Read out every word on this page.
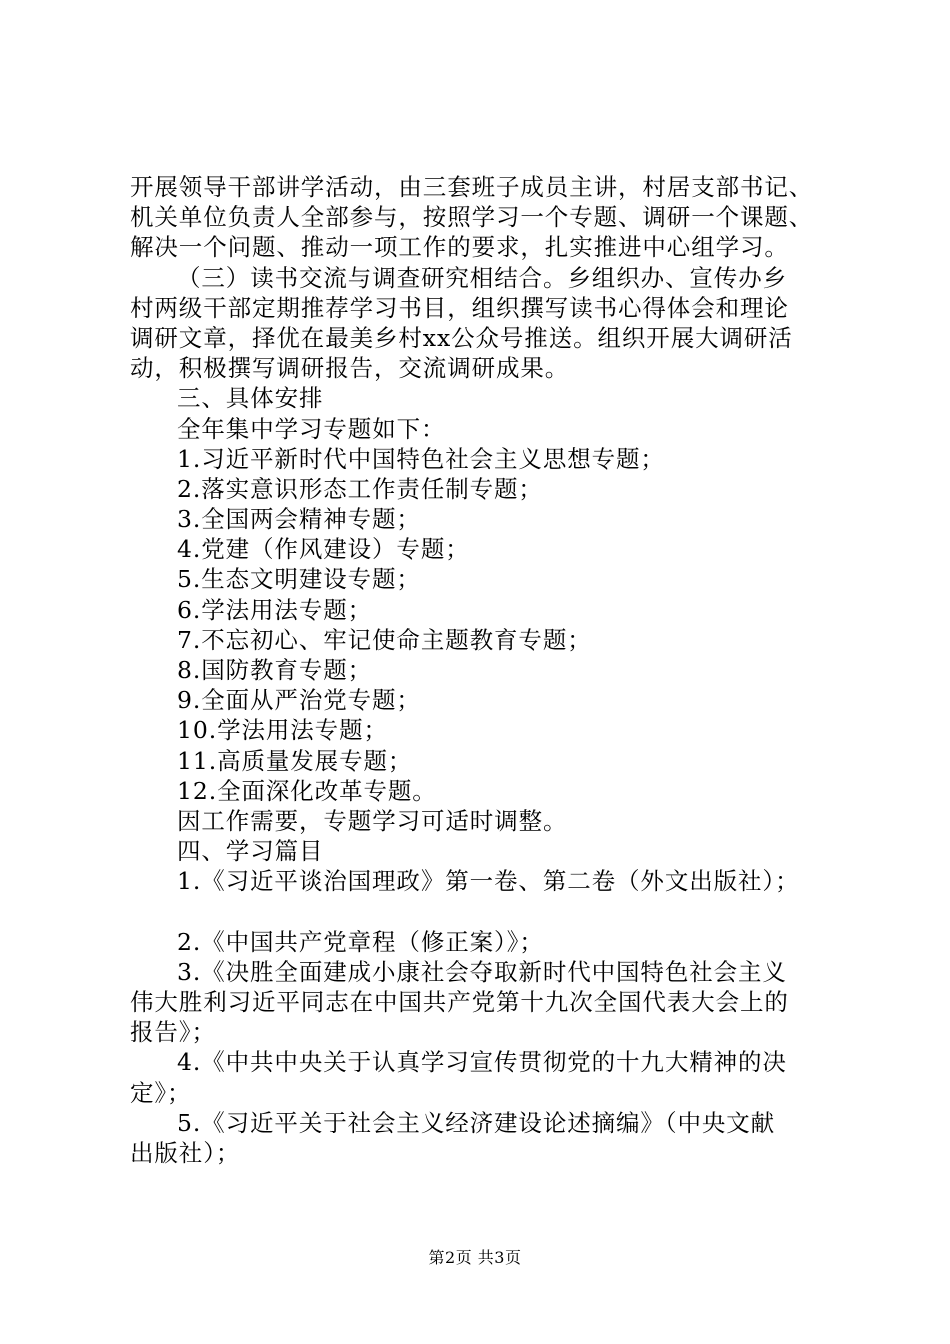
开展领导干部讲学活动，由三套班子成员主讲，村居支部书记、
机关单位负责人全部参与，按照学习一个专题、调研一个课题、
解决一个问题、推动一项工作的要求，扎实推进中心组学习。
（三）读书交流与调查研究相结合。乡组织办、宣传办乡
村两级干部定期推荐学习书目，组织撰写读书心得体会和理论
调研文章，择优在最美乡村xx公众号推送。组织开展大调研活
动，积极撰写调研报告，交流调研成果。
三、具体安排
全年集中学习专题如下：
1.习近平新时代中国特色社会主义思想专题；
2.落实意识形态工作责任制专题；
3.全国两会精神专题；
4.党建（作风建设）专题；
5.生态文明建设专题；
6.学法用法专题；
7.不忘初心、牢记使命主题教育专题；
8.国防教育专题；
9.全面从严治党专题；
10.学法用法专题；
11.高质量发展专题；
12.全面深化改革专题。
因工作需要，专题学习可适时调整。
四、学习篇目
1.《习近平谈治国理政》第一卷、第二卷（外文出版社）；
2.《中国共产党章程（修正案）》；
3.《决胜全面建成小康社会夺取新时代中国特色社会主义
伟大胜利习近平同志在中国共产党第十九次全国代表大会上的
报告》；
4.《中共中央关于认真学习宣传贯彻党的十九大精神的决
定》；
5.《习近平关于社会主义经济建设论述摘编》（中央文献
出版社）；
第2页 共3页
